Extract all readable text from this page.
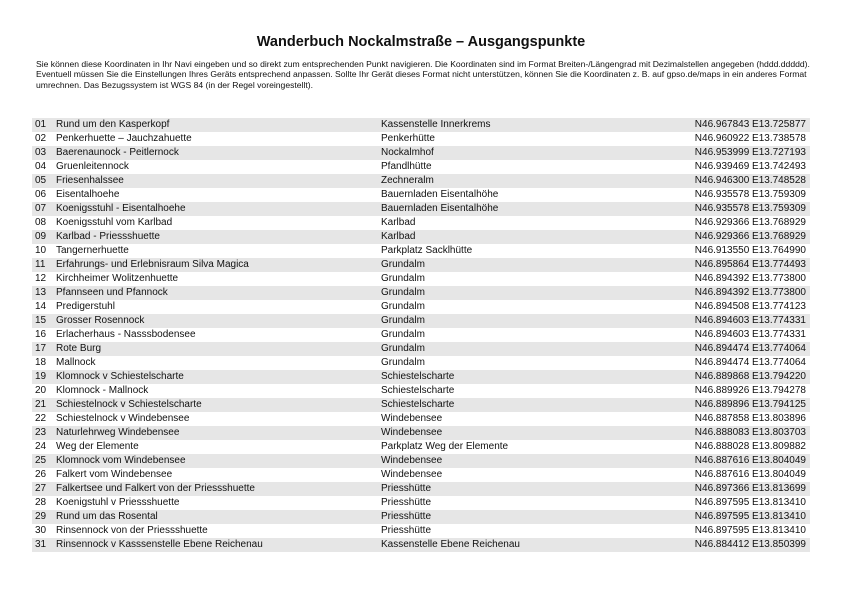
Wanderbuch Nockalmstraße – Ausgangspunkte

Sie können diese Koordinaten in Ihr Navi eingeben und so direkt zum entsprechenden Punkt navigieren. Die Koordinaten sind im Format Breiten-/Längengrad mit Dezimalstellen angegeben (hddd.ddddd).

Eventuell müssen Sie die Einstellungen Ihres Geräts entsprechend anpassen. Sollte Ihr Gerät dieses Format nicht unterstützen, können Sie die Koordinaten z. B. auf gpso.de/maps in ein anderes Format umrechnen. Das Bezugssystem ist WGS 84 (in der Regel voreingestellt).

01 Rund um den Kasperkopf	Kassenstelle Innerkrems	N46.967843 E13.725877
02 Penkerhuette – Jauchzahuette	Penkerhütte	N46.960922 E13.738578
03 Baerenaunock - Peitlernock	Nockalmhof	N46.953999 E13.727193
04 Gruenleitennock	Pfandlhütte	N46.939469 E13.742493
05 Friesenhalssee	Zechneralm	N46.946300 E13.748528
06 Eisentalhoehe	Bauernladen Eisentalhöhe	N46.935578 E13.759309
07 Koenigsstuhl - Eisentalhoehe	Bauernladen Eisentalhöhe	N46.935578 E13.759309
08 Koenigsstuhl vom Karlbad	Karlbad	N46.929366 E13.768929
09 Karlbad - Priessshuette	Karlbad	N46.929366 E13.768929
10 Tangernerhuette	Parkplatz Sacklhütte	N46.913550 E13.764990
11 Erfahrungs- und Erlebnisraum Silva Magica	Grundalm	N46.895864 E13.774493
12 Kirchheimer Wolitzenhuette	Grundalm	N46.894392 E13.773800
13 Pfannseen und Pfannock	Grundalm	N46.894392 E13.773800
14 Predigerstuhl	Grundalm	N46.894508 E13.774123
15 Grosser Rosennock	Grundalm	N46.894603 E13.774331
16 Erlacherhaus - Nasssbodensee	Grundalm	N46.894603 E13.774331
17 Rote Burg	Grundalm	N46.894474 E13.774064
18 Mallnock	Grundalm	N46.894474 E13.774064
19 Klomnock v Schiestelscharte	Schiestelscharte	N46.889868 E13.794220
20 Klomnock - Mallnock	Schiestelscharte	N46.889926 E13.794278
21 Schiestelnock v Schiestelscharte	Schiestelscharte	N46.889896 E13.794125
22 Schiestelnock v Windebensee	Windebensee	N46.887858 E13.803896
23 Naturlehrweg Windebensee	Windebensee	N46.888083 E13.803703
24 Weg der Elemente	Parkplatz Weg der Elemente	N46.888028 E13.809882
25 Klomnock vom Windebensee	Windebensee	N46.887616 E13.804049
26 Falkert vom Windebensee	Windebensee	N46.887616 E13.804049
27 Falkertsee und Falkert von der Priessshuette	Priesshütte	N46.897366 E13.813699
28 Koenigstuhl v Priessshuette	Priesshütte	N46.897595 E13.813410
29 Rund um das Rosental	Priesshütte	N46.897595 E13.813410
30 Rinsennock von der Priessshuette	Priesshütte	N46.897595 E13.813410
31 Rinsennock v Kasssenstelle Ebene Reichenau	Kassenstelle Ebene Reichenau	N46.884412 E13.850399
